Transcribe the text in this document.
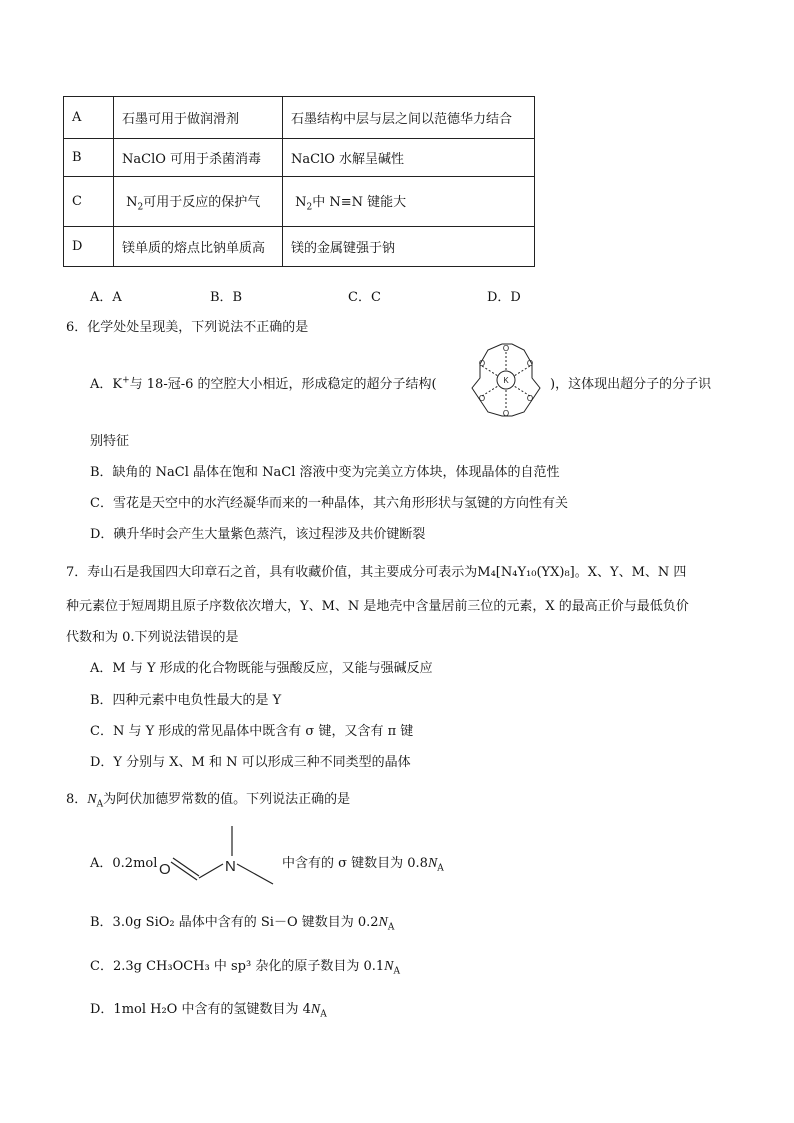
A	石墨可用于做润滑剂	石墨结构中层与层之间以范德华力结合
B	NaClO 可用于杀菌消毒	NaClO 水解呈碱性
C	$N_2$可用于反应的保护气	$N_2$中 N≡N 键能大
D	镁单质的熔点比钠单质高	镁的金属键强于钠
A．A	B．B	C．C	D．D
6．化学处处呈现美，下列说法不正确的是
A．K+与 18-冠-6 的空腔大小相近，形成稳定的超分子结构(
O
O	O
O	O
O
K	)，这体现出超分子的分子识
别特征
B．缺角的 NaCl 晶体在饱和 NaCl 溶液中变为完美立方体块，体现晶体的自范性
C．雪花是天空中的水汽经凝华而来的一种晶体，其六角形形状与氢键的方向性有关
D．碘升华时会产生大量紫色蒸汽，该过程涉及共价键断裂
7．寿山石是我国四大印章石之首，具有收藏价值，其主要成分可表示为M₄[N₄Y₁₀(YX)₈]。X、Y、M、N 四
种元素位于短周期且原子序数依次增大，Y、M、N 是地壳中含量居前三位的元素，X 的最高正价与最低负价
代数和为 0.下列说法错误的是
A．M 与 Y 形成的化合物既能与强酸反应，又能与强碱反应
B．四种元素中电负性最大的是 Y
C．N 与 Y 形成的常见晶体中既含有 σ 键，又含有 π 键
D．Y 分别与 X、M 和 N 可以形成三种不同类型的晶体
8．$N_A$为阿伏加德罗常数的值。下列说法正确的是
A．0.2mol O	N	中含有的 σ 键数目为 $0.8N_A$
B．3.0g SiO₂ 晶体中含有的 Si－O 键数目为 $0.2N_A$
C．2.3g CH₃OCH₃ 中 sp³ 杂化的原子数目为 $0.1N_A$
D．1mol H₂O 中含有的氢键数目为 $4N_A$
